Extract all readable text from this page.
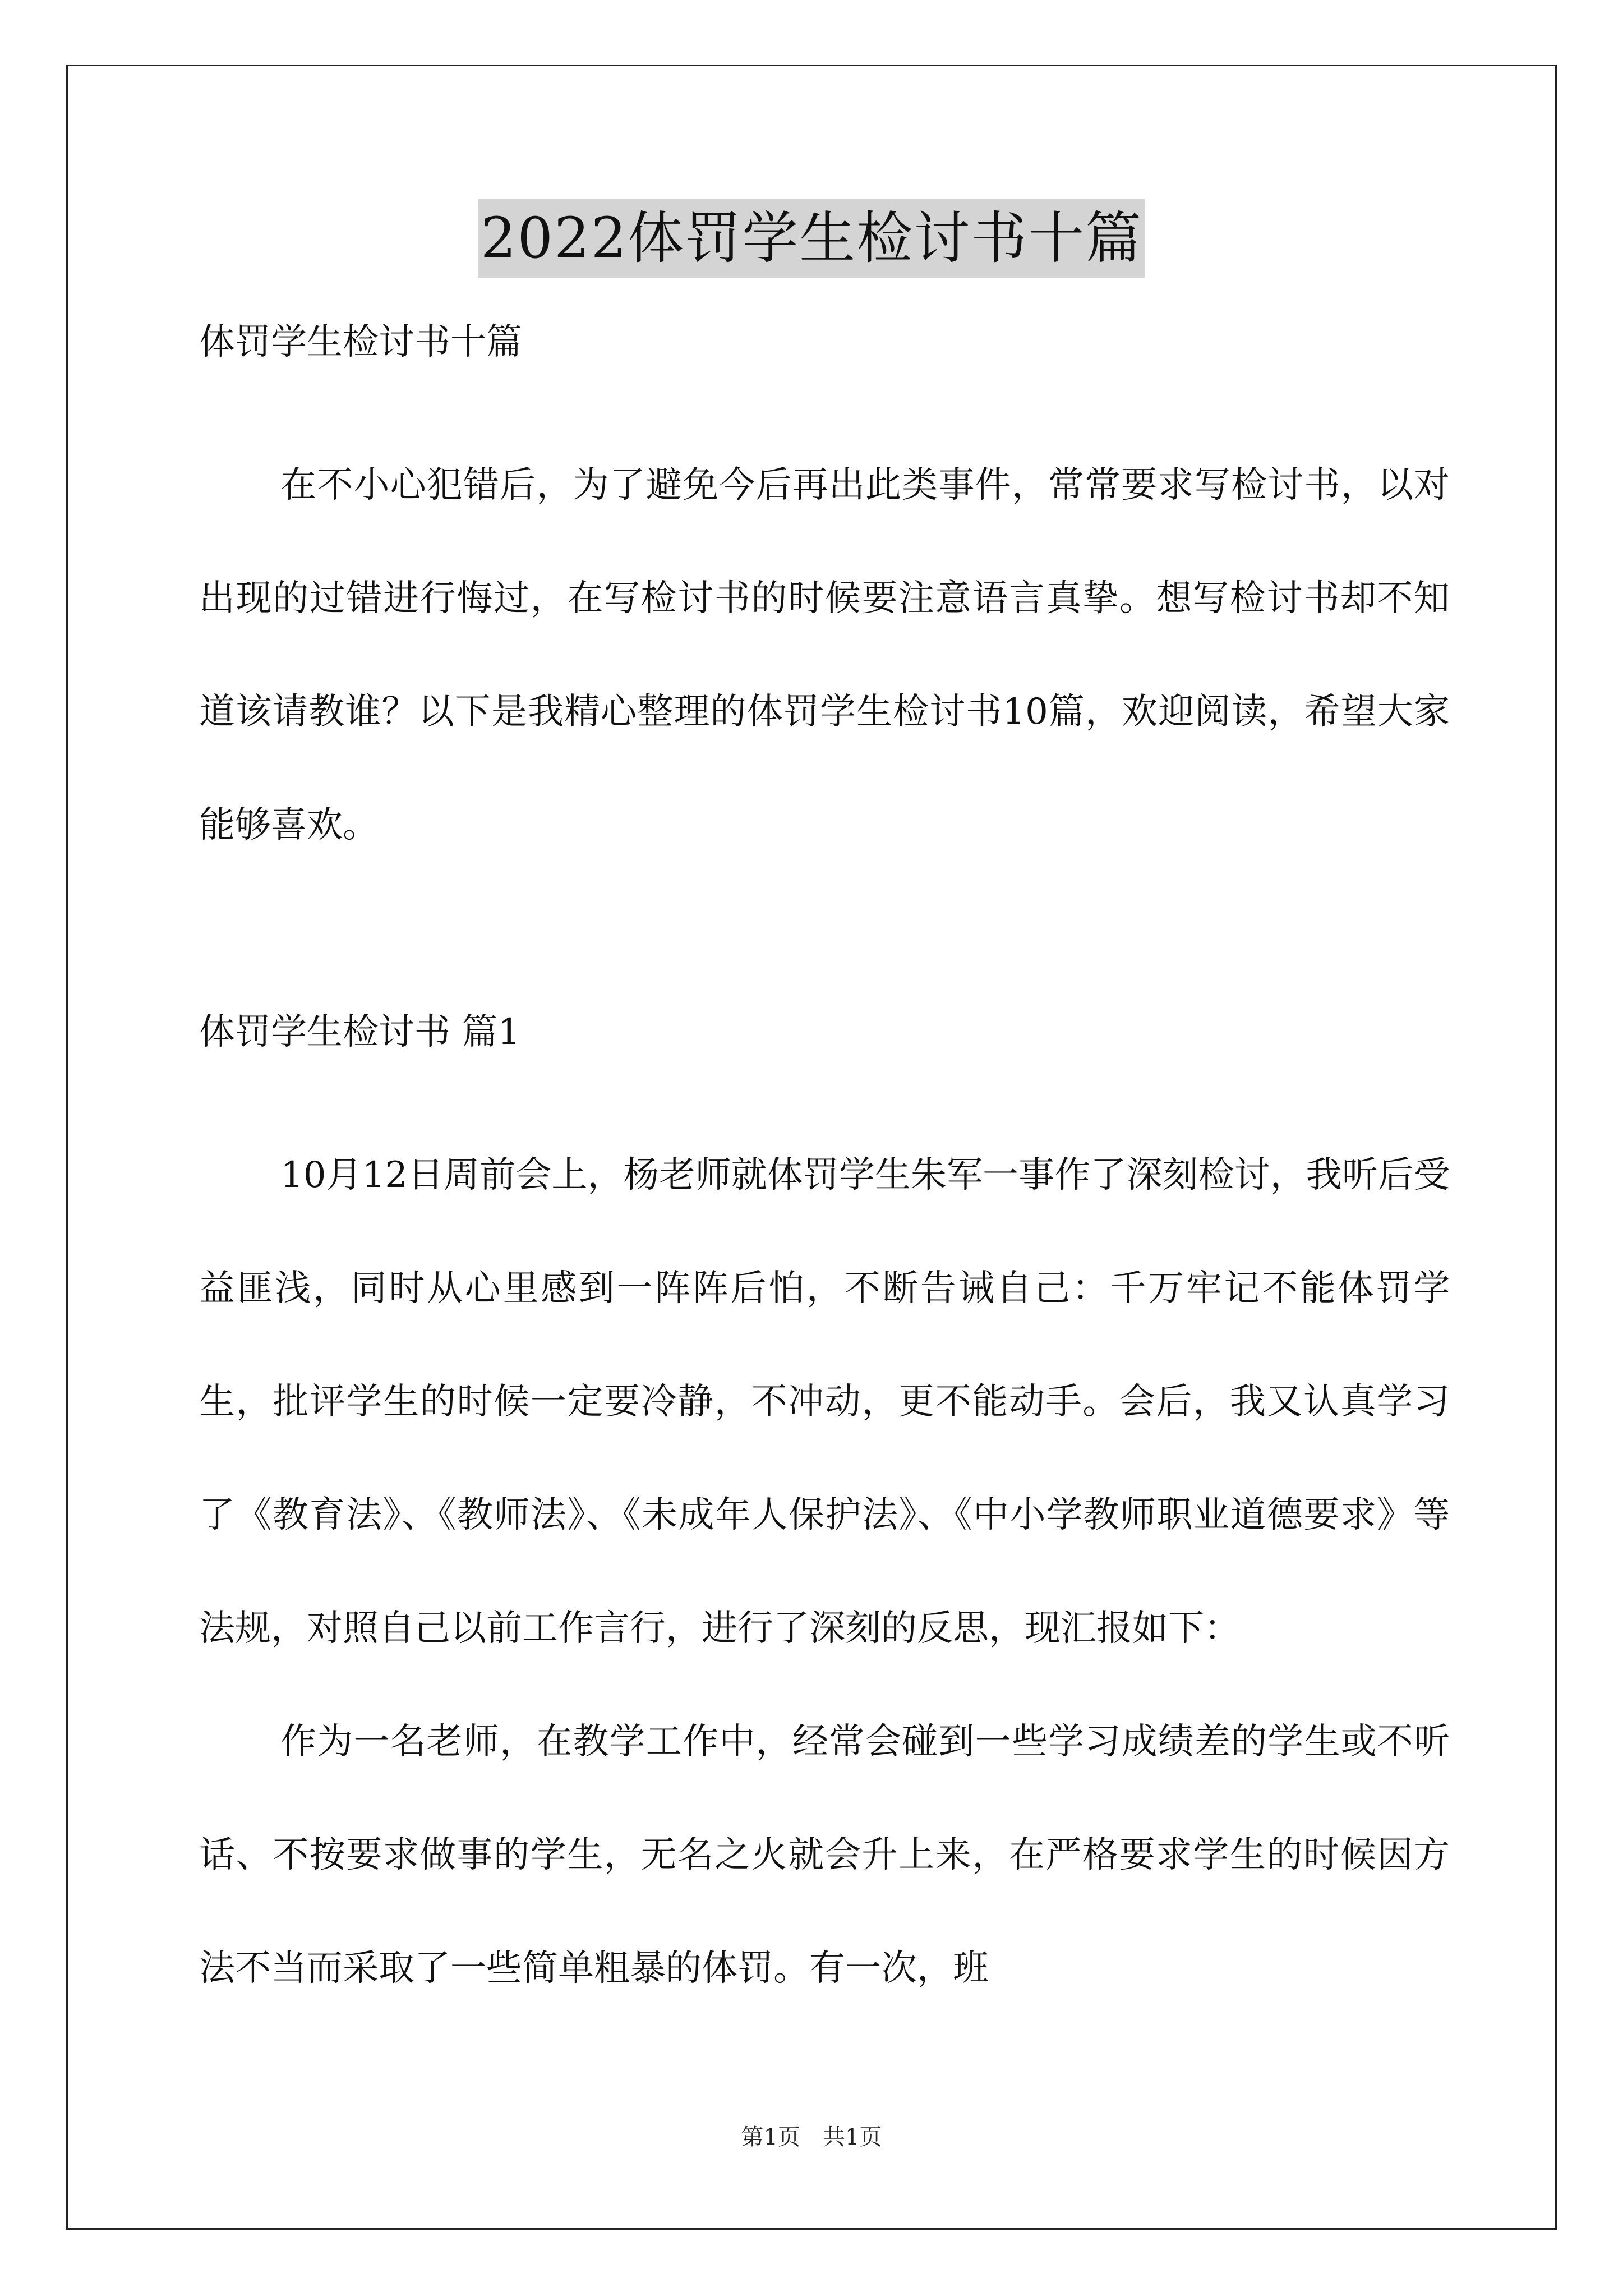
2022体罚学生检讨书十篇

体罚学生检讨书十篇

在不小心犯错后，为了避免今后再出此类事件，常常要求写检讨书，以对出现的过错进行悔过，在写检讨书的时候要注意语言真挚。想写检讨书却不知道该请教谁？以下是我精心整理的体罚学生检讨书10篇，欢迎阅读，希望大家能够喜欢。

体罚学生检讨书 篇1

10月12日周前会上，杨老师就体罚学生朱军一事作了深刻检讨，我听后受益匪浅，同时从心里感到一阵阵后怕，不断告诫自己：千万牢记不能体罚学生，批评学生的时候一定要冷静，不冲动，更不能动手。会后，我又认真学习了《教育法》、《教师法》、《未成年人保护法》、《中小学教师职业道德要求》等法规，对照自己以前工作言行，进行了深刻的反思，现汇报如下：

作为一名老师，在教学工作中，经常会碰到一些学习成绩差的学生或不听话、不按要求做事的学生，无名之火就会升上来，在严格要求学生的时候因方法不当而采取了一些简单粗暴的体罚。有一次，班

第1页　共1页
